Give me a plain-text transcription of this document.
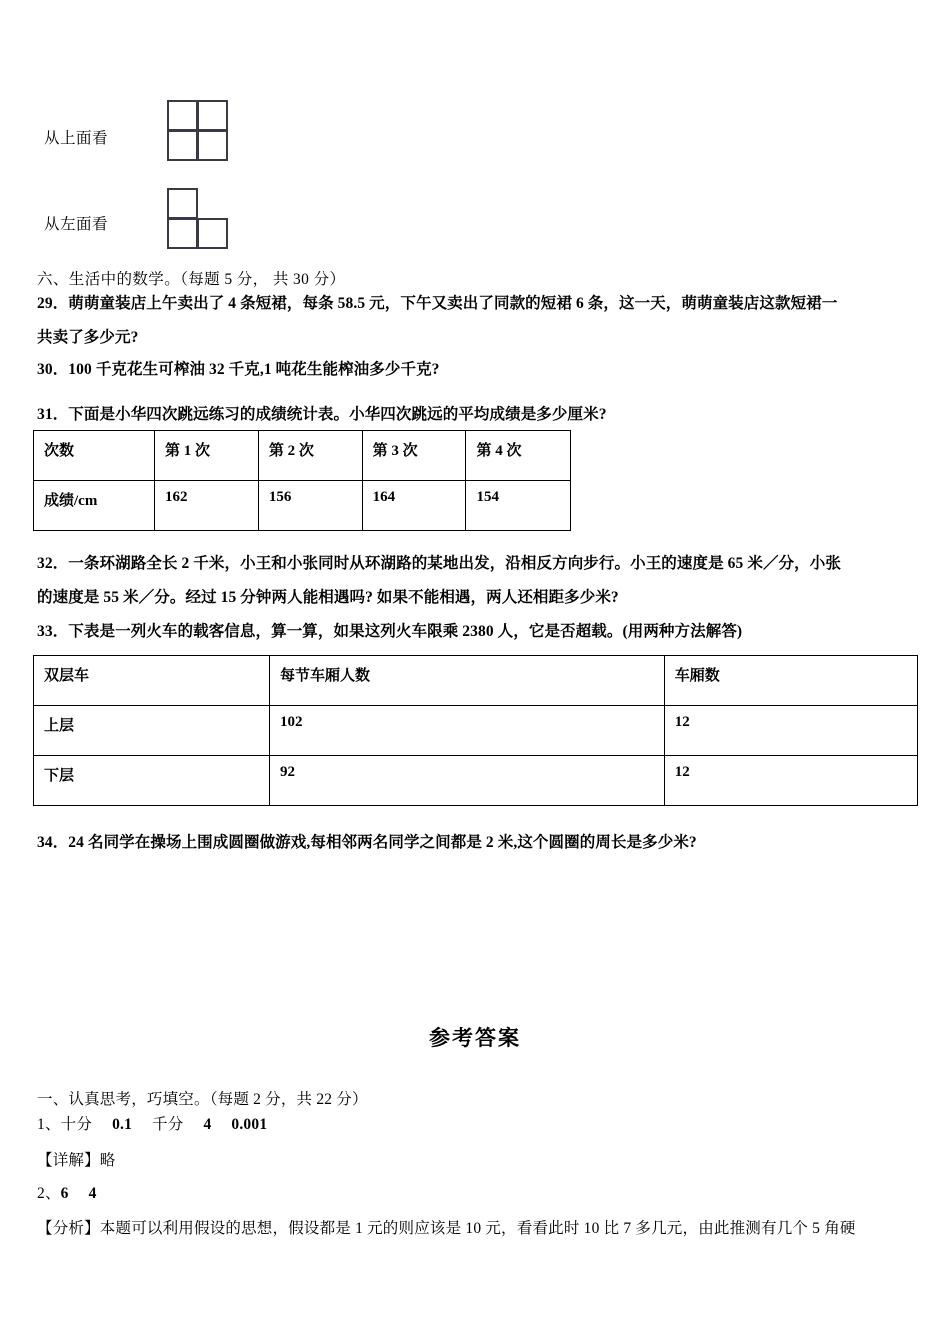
从上面看
从左面看
六、生活中的数学。（每题 5 分， 共 30 分）
29．萌萌童装店上午卖出了 4 条短裙，每条 58.5 元，下午又卖出了同款的短裙 6 条，这一天，萌萌童装店这款短裙一
共卖了多少元?
30．100 千克花生可榨油 32 千克,1 吨花生能榨油多少千克?
31．下面是小华四次跳远练习的成绩统计表。小华四次跳远的平均成绩是多少厘米?
次数	第 1 次	第 2 次	第 3 次	第 4 次
成绩/cm	162	156	164	154
32．一条环湖路全长 2 千米，小王和小张同时从环湖路的某地出发，沿相反方向步行。小王的速度是 65 米／分，小张
的速度是 55 米／分。经过 15 分钟两人能相遇吗? 如果不能相遇，两人还相距多少米?
33．下表是一列火车的载客信息，算一算，如果这列火车限乘 2380 人，它是否超载。(用两种方法解答)
双层车	每节车厢人数	车厢数
上层	102	12
下层	92	12
34．24 名同学在操场上围成圆圈做游戏,每相邻两名同学之间都是 2 米,这个圆圈的周长是多少米?
参考答案
一、认真思考，巧填空。（每题 2 分，共 22 分）
1、十分 0.1 千分 4 0.001
【详解】略
2、6 4
【分析】本题可以利用假设的思想，假设都是 1 元的则应该是 10 元，看看此时 10 比 7 多几元，由此推测有几个 5 角硬
